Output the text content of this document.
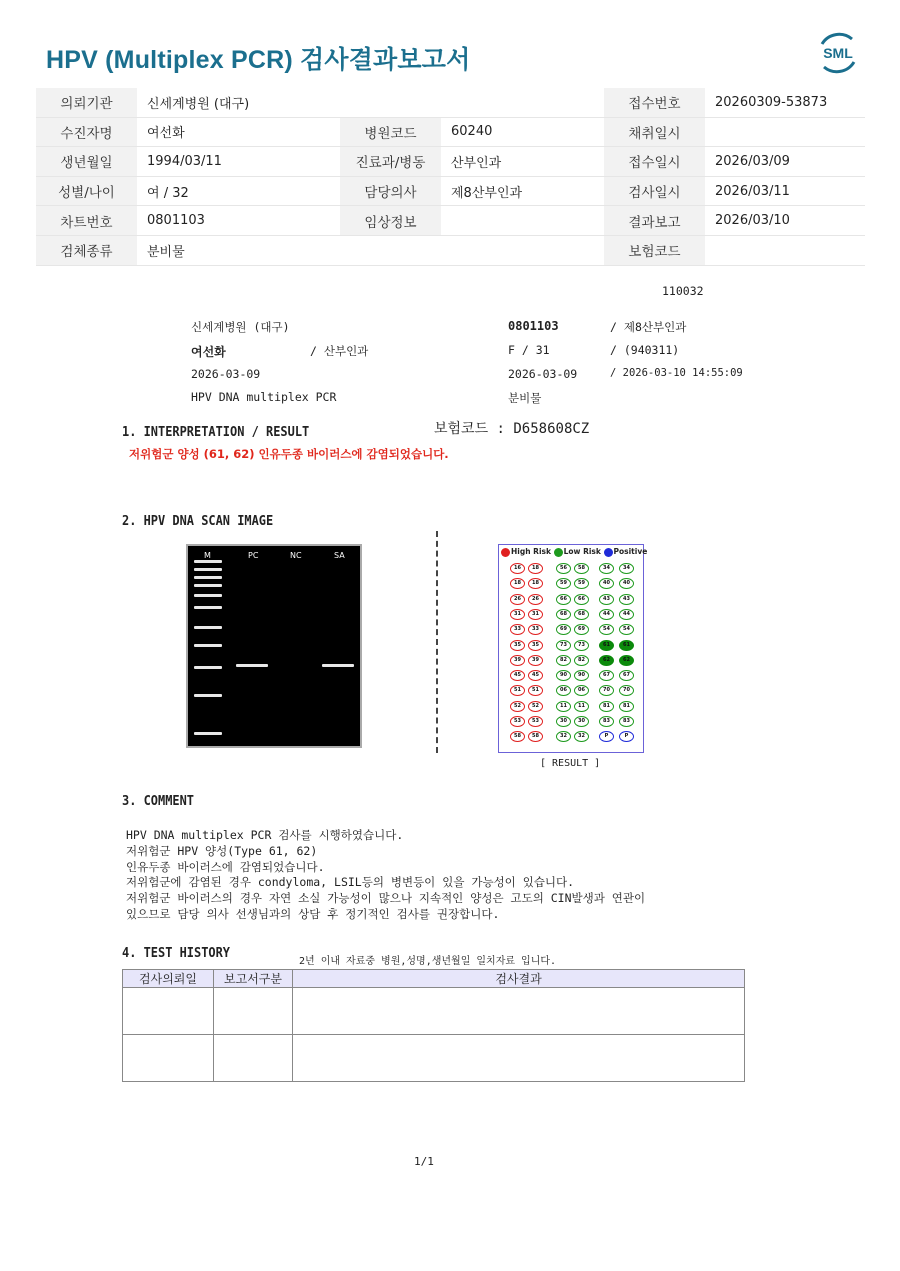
HPV (Multiplex PCR) 검사결과보고서	SML
의뢰기관	신세계병원 (대구)			접수번호	20260309-53873
수진자명	여선화	병원코드	60240	채취일시	
생년월일	1994/03/11	진료과/병동	산부인과	접수일시	2026/03/09
성별/나이	여 / 32	담당의사	제8산부인과	검사일시	2026/03/11
차트번호	0801103	임상정보		결과보고	2026/03/10
검체종류	분비물			보험코드	
110032
신세계병원 (대구)	0801103	/ 제8산부인과
여선화	/ 산부인과	F / 31	/ (940311)
2026-03-09	2026-03-09	/ 2026-03-10 14:55:09
HPV DNA multiplex PCR	분비물
보험코드 : D658608CZ
1. INTERPRETATION / RESULT
저위험군 양성 (61, 62) 인유두종 바이러스에 감염되었습니다.
2. HPV DNA SCAN IMAGE
M	PC	NC	SA	High Risk Low Risk Positive
16	18	56	58	34	34
18	18	59	59	40	40
26	26	66	66	43	43
31	31	68	68	44	44
33	33	69	69	54	54
35	35	73	73	61	61
39	39	82	82	62	62
45	45	90	90	67	67
51	51	06	06	70	70
52	52	11	11	81	81
53	53	30	30	83	83
58	58	32	32	P	P
[ RESULT ]
3. COMMENT
HPV DNA multiplex PCR 검사를 시행하였습니다.
저위험군 HPV 양성(Type 61, 62)
인유두종 바이러스에 감염되었습니다.
저위험군에 감염된 경우 condyloma, LSIL등의 병변등이 있을 가능성이 있습니다.
저위험군 바이러스의 경우 자연 소실 가능성이 많으나 지속적인 양성은 고도의 CIN발생과 연관이
있으므로 담당 의사 선생님과의 상담 후 정기적인 검사를 권장합니다.
4. TEST HISTORY
2년 이내 자료중 병원,성명,생년월일 일치자료 입니다.
검사의뢰일	보고서구분	검사결과

1/1
